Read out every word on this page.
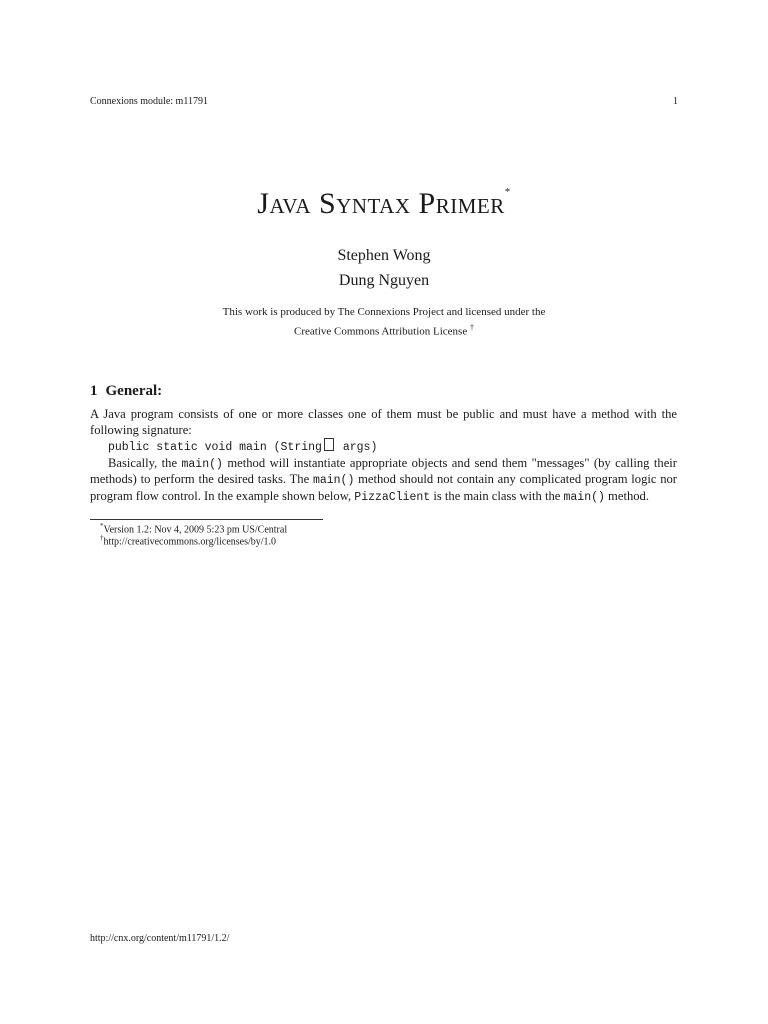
Connexions module: m11791	1
Java Syntax Primer*
Stephen Wong
Dung Nguyen
This work is produced by The Connexions Project and licensed under the
Creative Commons Attribution License †
1 General:

A Java program consists of one or more classes one of them must be public and must have a method with the following signature:

public static void main (String args)

Basically, the main() method will instantiate appropriate objects and send them "messages" (by calling their methods) to perform the desired tasks. The main() method should not contain any complicated program logic nor program flow control. In the example shown below, PizzaClient is the main class with the main() method.

*Version 1.2: Nov 4, 2009 5:23 pm US/Central
†http://creativecommons.org/licenses/by/1.0
http://cnx.org/content/m11791/1.2/
